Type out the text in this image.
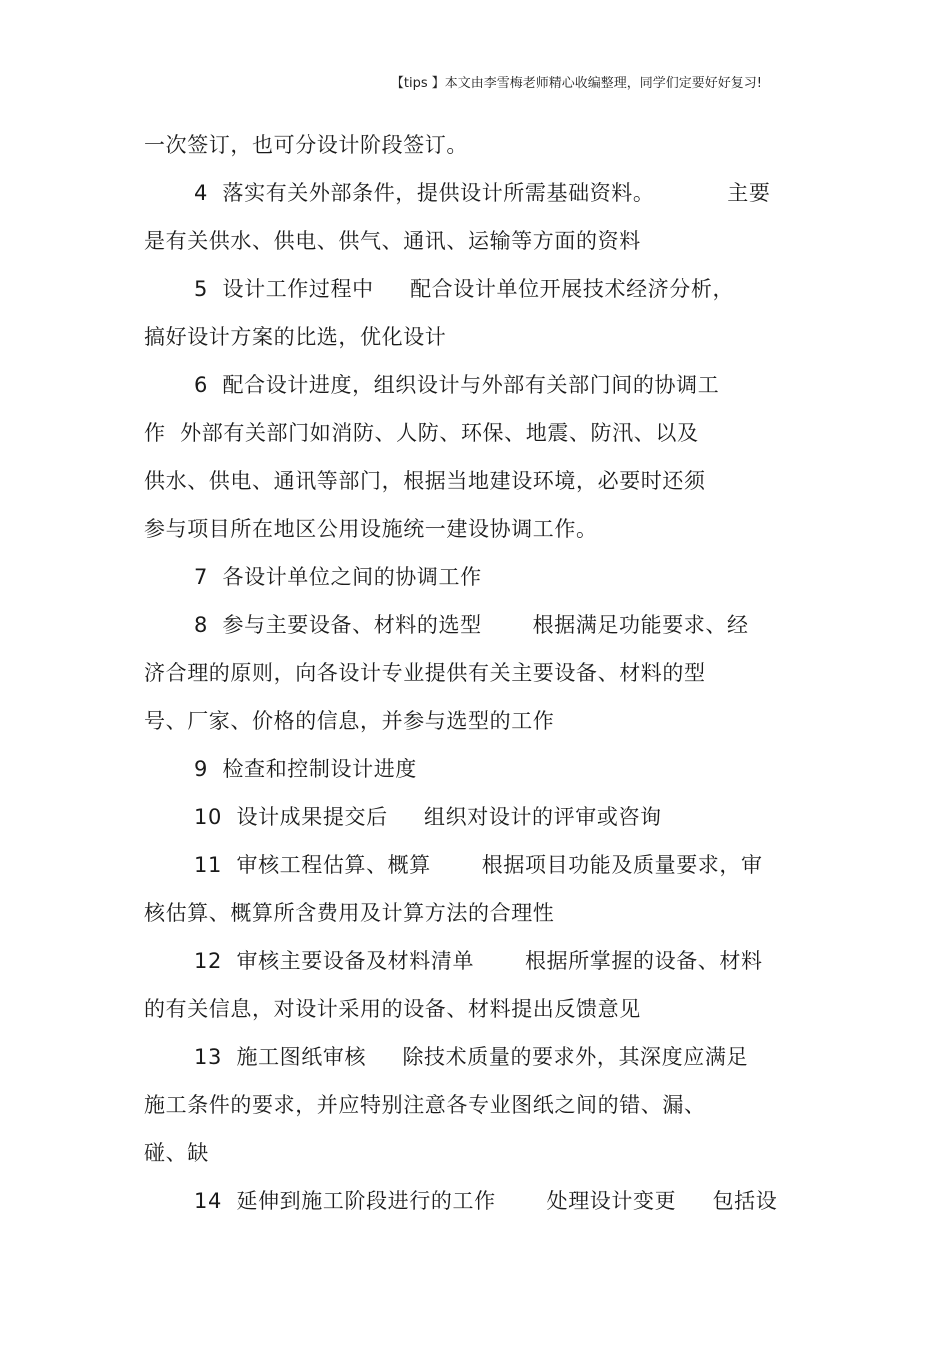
【tips 】本文由李雪梅老师精心收编整理，同学们定要好好复习!
一次签订，也可分设计阶段签订。
4  落实有关外部条件，提供设计所需基础资料。          主要
是有关供水、供电、供气、通讯、运输等方面的资料
5  设计工作过程中     配合设计单位开展技术经济分析，
搞好设计方案的比选，优化设计
6  配合设计进度，组织设计与外部有关部门间的协调工
作  外部有关部门如消防、人防、环保、地震、防汛、以及
供水、供电、通讯等部门，根据当地建设环境，必要时还须
参与项目所在地区公用设施统一建设协调工作。
7  各设计单位之间的协调工作
8  参与主要设备、材料的选型       根据满足功能要求、经
济合理的原则，向各设计专业提供有关主要设备、材料的型
号、厂家、价格的信息，并参与选型的工作
9  检查和控制设计进度
10  设计成果提交后     组织对设计的评审或咨询
11  审核工程估算、概算       根据项目功能及质量要求，审
核估算、概算所含费用及计算方法的合理性
12  审核主要设备及材料清单       根据所掌握的设备、材料
的有关信息，对设计采用的设备、材料提出反馈意见
13  施工图纸审核     除技术质量的要求外，其深度应满足
施工条件的要求，并应特别注意各专业图纸之间的错、漏、
碰、缺
14  延伸到施工阶段进行的工作       处理设计变更     包括设
